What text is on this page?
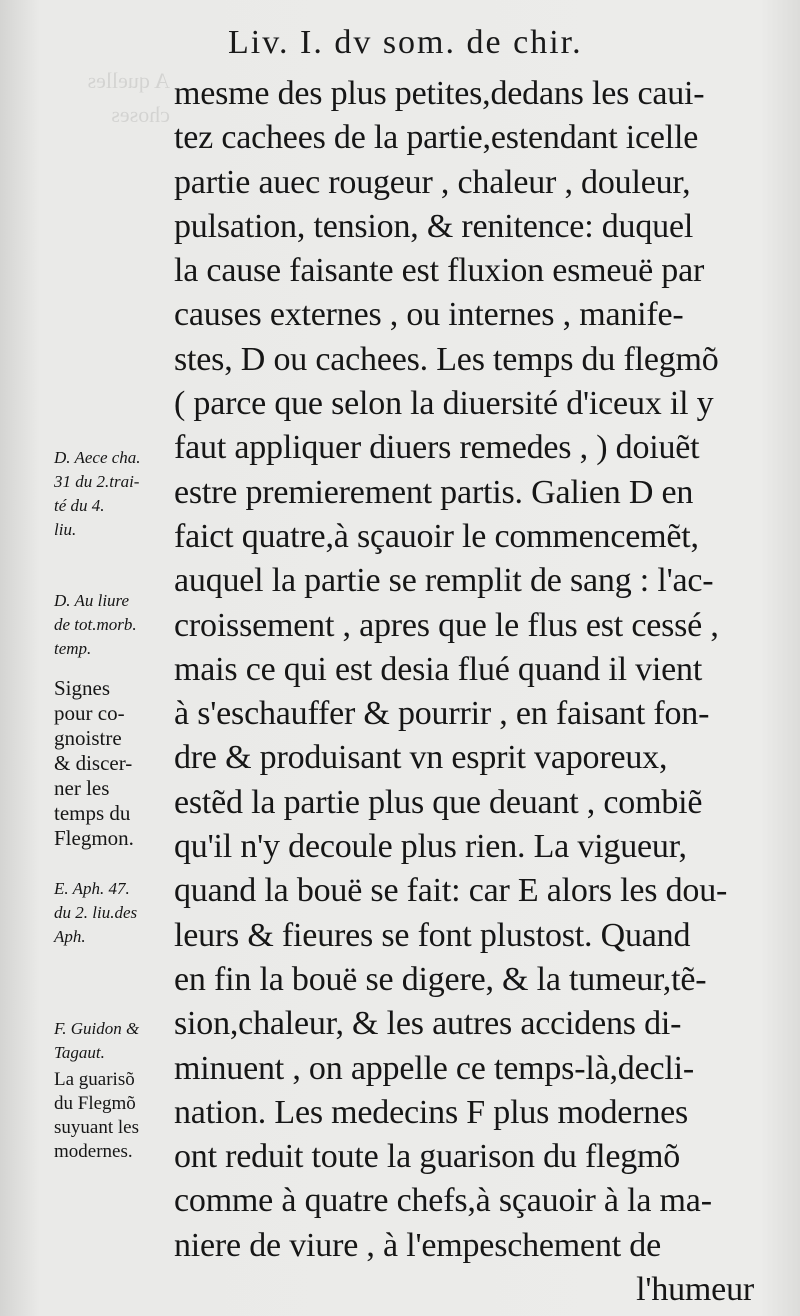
A quelles
choses
Liv. I. dv som. de chir.
mesme des plus petites,dedans les caui-
tez cachees de la partie,estendant icelle
partie auec rougeur , chaleur , douleur,
pulsation, tension, & renitence: duquel
la cause faisante est fluxion esmeuë par
causes externes , ou internes , manife-
stes, D ou cachees. Les temps du flegmõ
( parce que selon la diuersité d'iceux il y
faut appliquer diuers remedes , ) doiuẽt
estre premierement partis. Galien D en
faict quatre,à sçauoir le commencemẽt,
auquel la partie se remplit de sang : l'ac-
croissement , apres que le flus est cessé ,
mais ce qui est desia flué quand il vient
à s'eschauffer & pourrir , en faisant fon-
dre & produisant vn esprit vaporeux,
estẽd la partie plus que deuant , combiẽ
qu'il n'y decoule plus rien. La vigueur,
quand la bouë se fait: car E alors les dou-
leurs & fieures se font plustost. Quand
en fin la bouë se digere, & la tumeur,tẽ-
sion,chaleur, & les autres accidens di-
minuent , on appelle ce temps-là,decli-
nation. Les medecins F plus modernes
ont reduit toute la guarison du flegmõ
comme à quatre chefs,à sçauoir à la ma-
niere de viure , à l'empeschement de
l'humeur
D. Aece cha.
31 du 2.trai-
té du 4.
liu.
D. Au liure
de tot.morb.
temp.
Signes
pour co-
gnoistre
& discer-
ner les
temps du
Flegmon.
E. Aph. 47.
du 2. liu.des
Aph.
F. Guidon &
Tagaut.
La guarisõ
du Flegmõ
suyuant les
modernes.
